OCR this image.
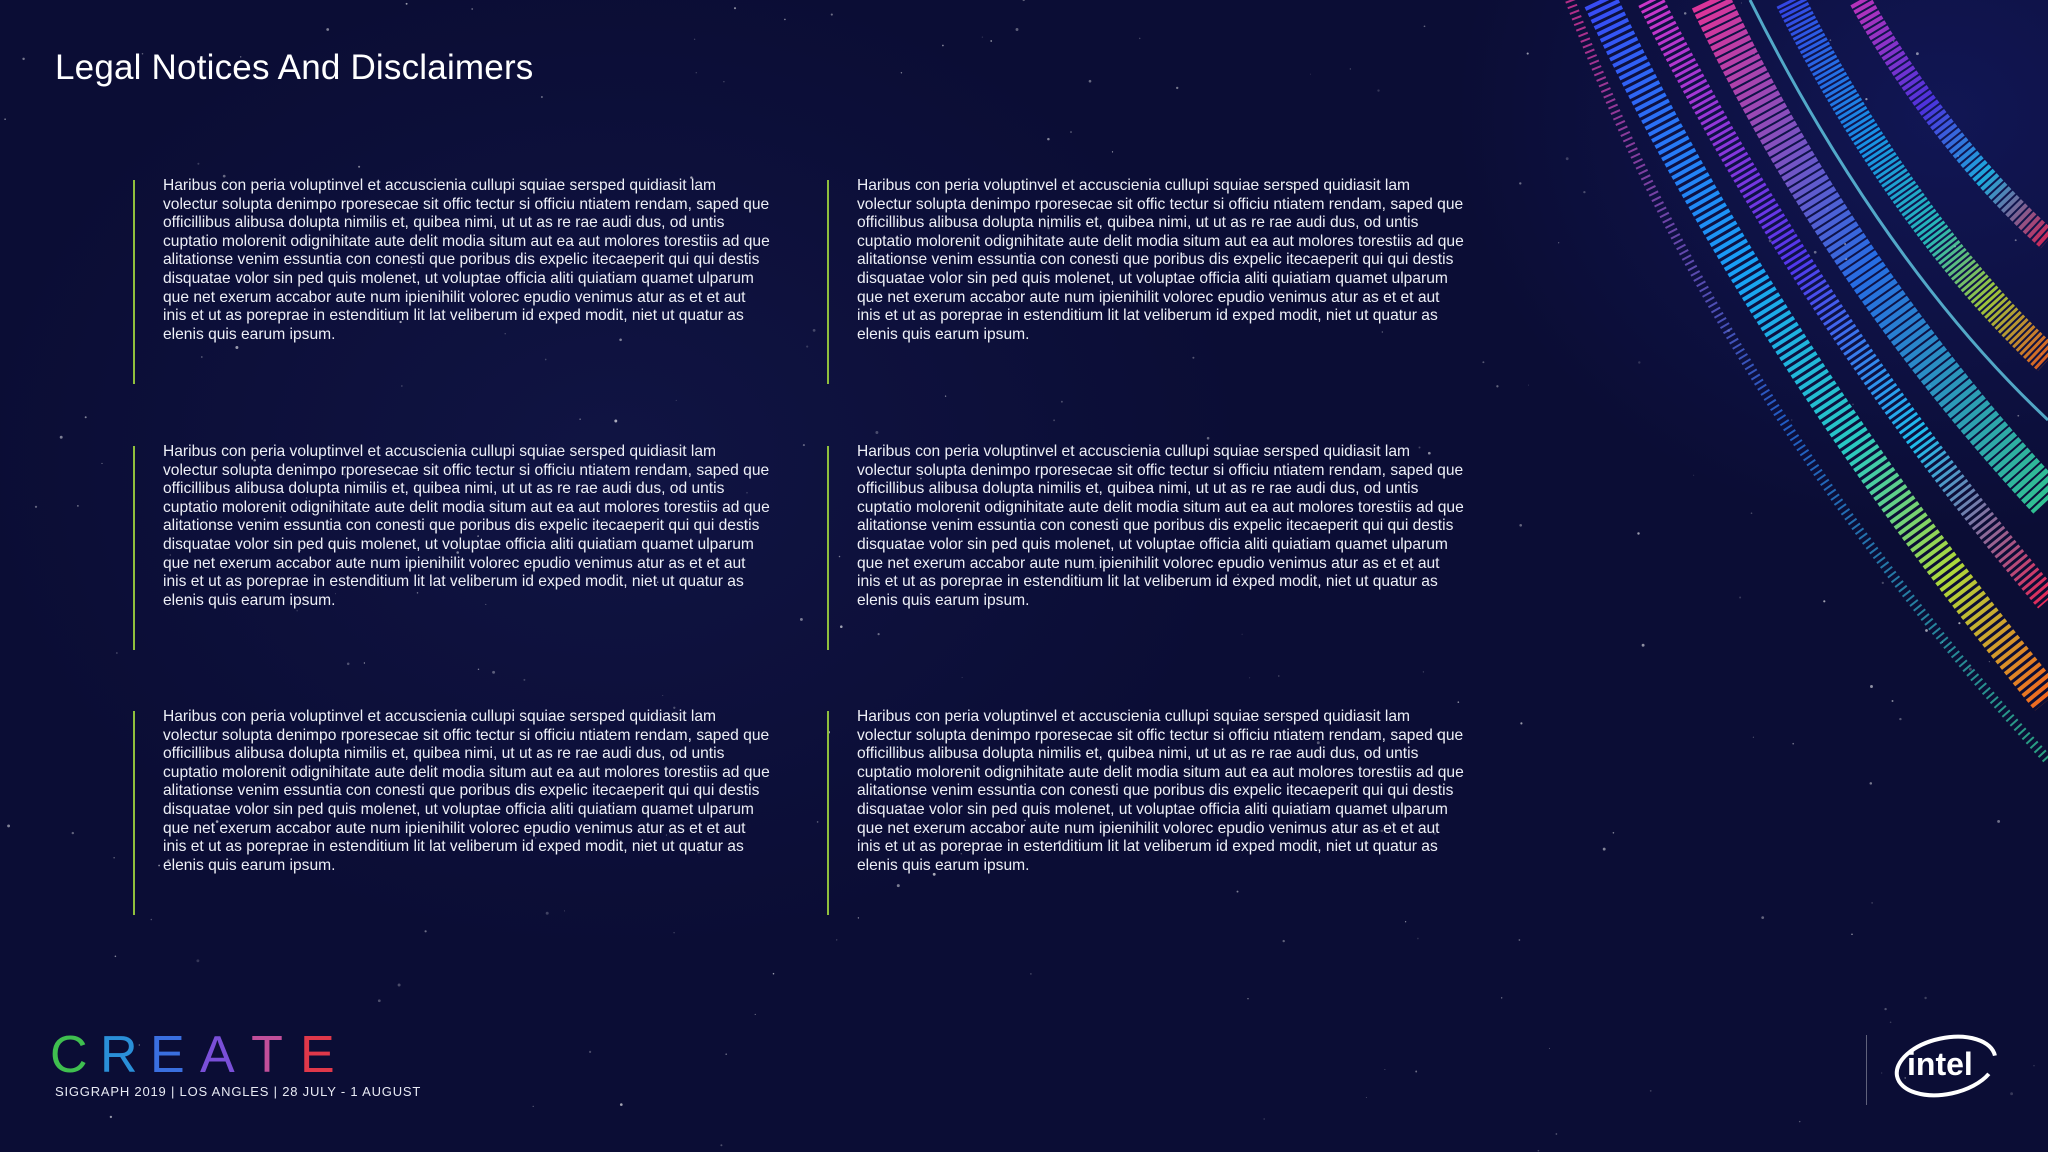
Legal Notices And Disclaimers

Haribus con peria voluptinvel et accuscienia cullupi squiae sersped quidiasit lam volectur solupta denimpo rporesecae sit offic tectur si officiu ntiatem rendam, saped que officillibus alibusa dolupta nimilis et, quibea nimi, ut ut as re rae audi dus, od untis cuptatio molorenit odignihitate aute delit modia situm aut ea aut molores torestiis ad que alitationse venim essuntia con conesti que poribus dis expelic itecaeperit qui qui destis disquatae volor sin ped quis molenet, ut voluptae officia aliti quiatiam quamet ulparum que net exerum accabor aute num ipienihilit volorec epudio venimus atur as et et aut inis et ut as poreprae in estenditium lit lat veliberum id exped modit, niet ut quatur as elenis quis earum ipsum.

Haribus con peria voluptinvel et accuscienia cullupi squiae sersped quidiasit lam volectur solupta denimpo rporesecae sit offic tectur si officiu ntiatem rendam, saped que officillibus alibusa dolupta nimilis et, quibea nimi, ut ut as re rae audi dus, od untis cuptatio molorenit odignihitate aute delit modia situm aut ea aut molores torestiis ad que alitationse venim essuntia con conesti que poribus dis expelic itecaeperit qui qui destis disquatae volor sin ped quis molenet, ut voluptae officia aliti quiatiam quamet ulparum que net exerum accabor aute num ipienihilit volorec epudio venimus atur as et et aut inis et ut as poreprae in estenditium lit lat veliberum id exped modit, niet ut quatur as elenis quis earum ipsum.

Haribus con peria voluptinvel et accuscienia cullupi squiae sersped quidiasit lam volectur solupta denimpo rporesecae sit offic tectur si officiu ntiatem rendam, saped que officillibus alibusa dolupta nimilis et, quibea nimi, ut ut as re rae audi dus, od untis cuptatio molorenit odignihitate aute delit modia situm aut ea aut molores torestiis ad que alitationse venim essuntia con conesti que poribus dis expelic itecaeperit qui qui destis disquatae volor sin ped quis molenet, ut voluptae officia aliti quiatiam quamet ulparum que net exerum accabor aute num ipienihilit volorec epudio venimus atur as et et aut inis et ut as poreprae in estenditium lit lat veliberum id exped modit, niet ut quatur as elenis quis earum ipsum.

Haribus con peria voluptinvel et accuscienia cullupi squiae sersped quidiasit lam volectur solupta denimpo rporesecae sit offic tectur si officiu ntiatem rendam, saped que officillibus alibusa dolupta nimilis et, quibea nimi, ut ut as re rae audi dus, od untis cuptatio molorenit odignihitate aute delit modia situm aut ea aut molores torestiis ad que alitationse venim essuntia con conesti que poribus dis expelic itecaeperit qui qui destis disquatae volor sin ped quis molenet, ut voluptae officia aliti quiatiam quamet ulparum que net exerum accabor aute num ipienihilit volorec epudio venimus atur as et et aut inis et ut as poreprae in estenditium lit lat veliberum id exped modit, niet ut quatur as elenis quis earum ipsum.

Haribus con peria voluptinvel et accuscienia cullupi squiae sersped quidiasit lam volectur solupta denimpo rporesecae sit offic tectur si officiu ntiatem rendam, saped que officillibus alibusa dolupta nimilis et, quibea nimi, ut ut as re rae audi dus, od untis cuptatio molorenit odignihitate aute delit modia situm aut ea aut molores torestiis ad que alitationse venim essuntia con conesti que poribus dis expelic itecaeperit qui qui destis disquatae volor sin ped quis molenet, ut voluptae officia aliti quiatiam quamet ulparum que net exerum accabor aute num ipienihilit volorec epudio venimus atur as et et aut inis et ut as poreprae in estenditium lit lat veliberum id exped modit, niet ut quatur as elenis quis earum ipsum.

Haribus con peria voluptinvel et accuscienia cullupi squiae sersped quidiasit lam volectur solupta denimpo rporesecae sit offic tectur si officiu ntiatem rendam, saped que officillibus alibusa dolupta nimilis et, quibea nimi, ut ut as re rae audi dus, od untis cuptatio molorenit odignihitate aute delit modia situm aut ea aut molores torestiis ad que alitationse venim essuntia con conesti que poribus dis expelic itecaeperit qui qui destis disquatae volor sin ped quis molenet, ut voluptae officia aliti quiatiam quamet ulparum que net exerum accabor aute num ipienihilit volorec epudio venimus atur as et et aut inis et ut as poreprae in estenditium lit lat veliberum id exped modit, niet ut quatur as elenis quis earum ipsum.

C R E A T E
SIGGRAPH 2019 | LOS ANGLES | 28 JULY - 1 AUGUST
intel
